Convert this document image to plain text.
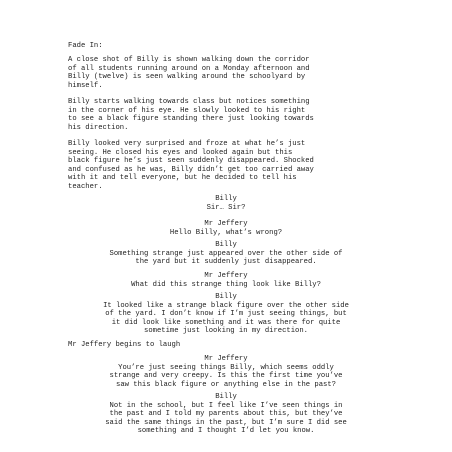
Fade In:
A close shot of Billy is shown walking down the corridor
of all students running around on a Monday afternoon and
Billy (twelve) is seen walking around the schoolyard by
himself.
Billy starts walking towards class but notices something
in the corner of his eye. He slowly looked to his right
to see a black figure standing there just looking towards
his direction.
Billy looked very surprised and froze at what he’s just
seeing. He closed his eyes and looked again but this
black figure he’s just seen suddenly disappeared. Shocked
and confused as he was, Billy didn’t get too carried away
with it and tell everyone, but he decided to tell his
teacher.
Billy
Sir… Sir?
Mr Jeffery
Hello Billy, what’s wrong?
Billy
Something strange just appeared over the other side of
the yard but it suddenly just disappeared.
Mr Jeffery
What did this strange thing look like Billy?
Billy
It looked like a strange black figure over the other side
of the yard. I don’t know if I’m just seeing things, but
it did look like something and it was there for quite
sometime just looking in my direction.
Mr Jeffery begins to laugh
Mr Jeffery
You’re just seeing things Billy, which seems oddly
strange and very creepy. Is this the first time you’ve
saw this black figure or anything else in the past?
Billy
Not in the school, but I feel like I’ve seen things in
the past and I told my parents about this, but they’ve
said the same things in the past, but I’m sure I did see
something and I thought I’d let you know.
